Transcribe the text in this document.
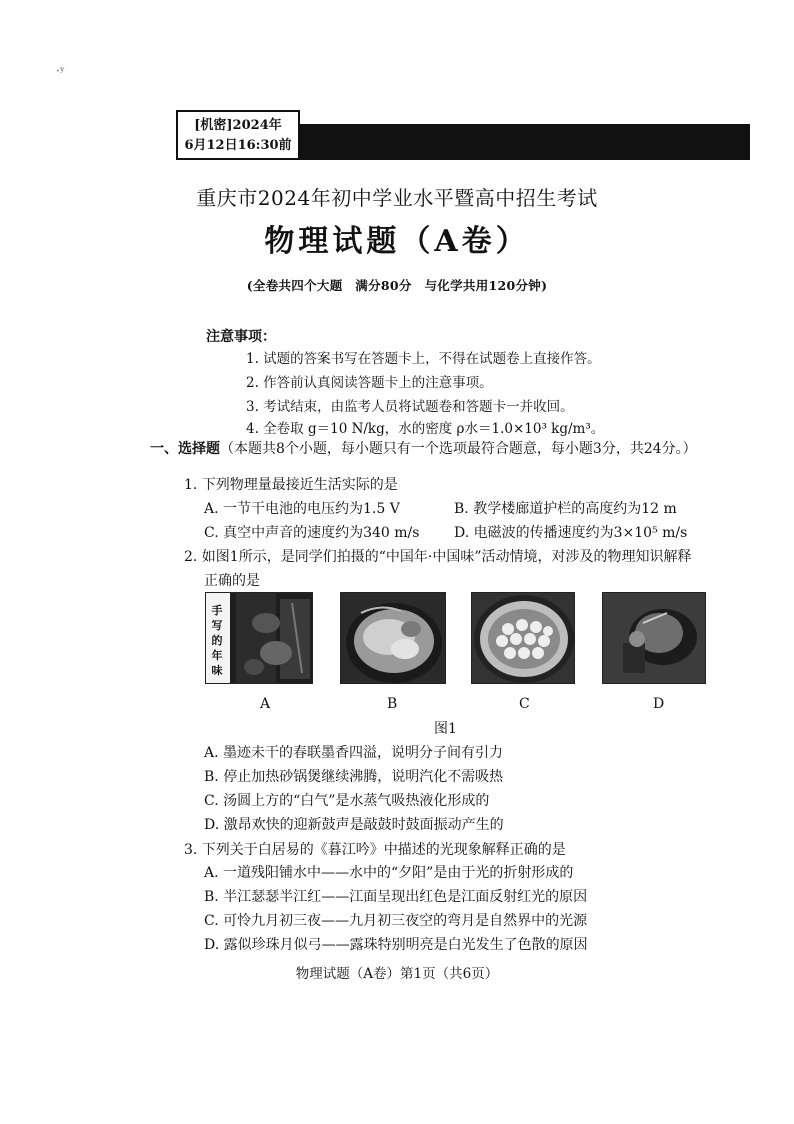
·ʸ
[机密]2024年
6月12日16:30前
重庆市2024年初中学业水平暨高中招生考试
物理试题（A卷）
(全卷共四个大题　满分80分　与化学共用120分钟)
注意事项：
1. 试题的答案书写在答题卡上，不得在试题卷上直接作答。
2. 作答前认真阅读答题卡上的注意事项。
3. 考试结束，由监考人员将试题卷和答题卡一并收回。
4. 全卷取 g＝10 N/kg，水的密度 ρ水＝1.0×10³ kg/m³。
一、选择题（本题共8个小题，每小题只有一个选项最符合题意，每小题3分，共24分。）
1. 下列物理量最接近生活实际的是
A. 一节干电池的电压约为1.5 V	B. 教学楼廊道护栏的高度约为12 m
C. 真空中声音的速度约为340 m/s D. 电磁波的传播速度约为3×10⁵ m/s
2. 如图1所示，是同学们拍摄的“中国年·中国味”活动情境，对涉及的物理知识解释
正确的是
手写的年味
A	B	C	D
图1
A. 墨迹未干的春联墨香四溢，说明分子间有引力
B. 停止加热砂锅煲继续沸腾，说明汽化不需吸热
C. 汤圆上方的“白气”是水蒸气吸热液化形成的
D. 激昂欢快的迎新鼓声是敲鼓时鼓面振动产生的
3. 下列关于白居易的《暮江吟》中描述的光现象解释正确的是
A. 一道残阳铺水中——水中的“夕阳”是由于光的折射形成的
B. 半江瑟瑟半江红——江面呈现出红色是江面反射红光的原因
C. 可怜九月初三夜——九月初三夜空的弯月是自然界中的光源
D. 露似珍珠月似弓——露珠特别明亮是白光发生了色散的原因
物理试题（A卷）第1页（共6页）
